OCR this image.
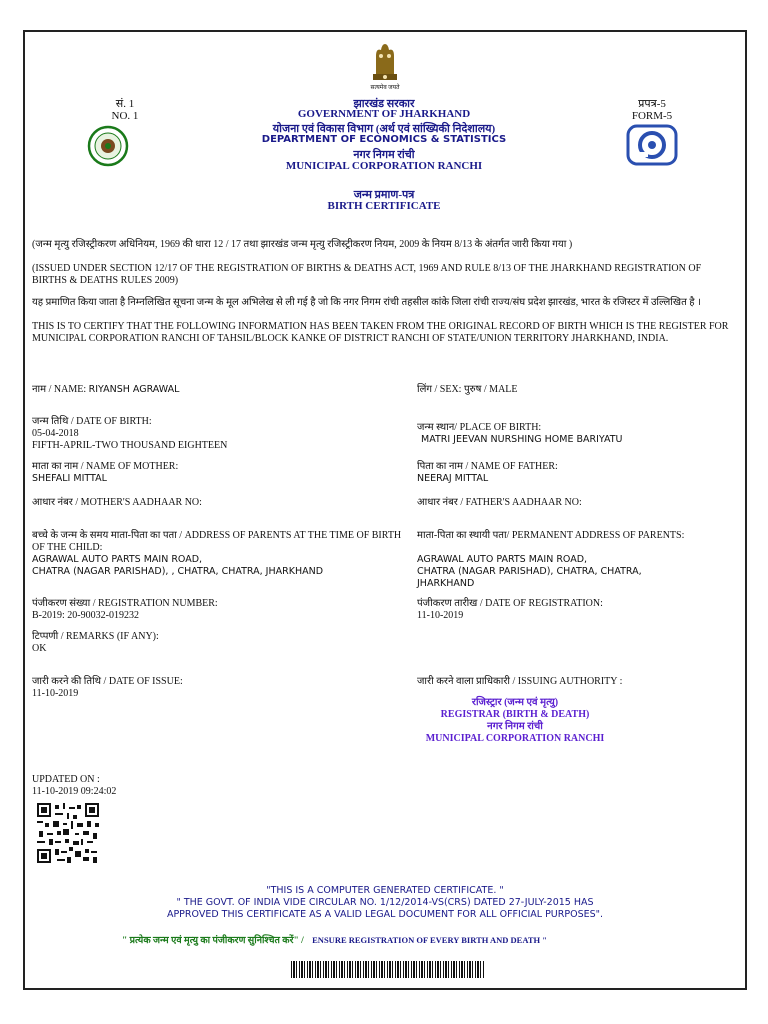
सत्यमेव जयते
सं. 1
NO. 1
प्रपत्र-5
FORM-5
झारखंड सरकार
GOVERNMENT OF JHARKHAND
योजना एवं विकास विभाग (अर्थ एवं सांख्यिकी निदेशालय)
DEPARTMENT OF ECONOMICS & STATISTICS
नगर निगम रांची
MUNICIPAL CORPORATION RANCHI
जन्म प्रमाण-पत्र
BIRTH CERTIFICATE
(जन्म मृत्यु रजिस्ट्रीकरण अधिनियम, 1969 की धारा 12 / 17 तथा झारखंड जन्म मृत्यु रजिस्ट्रीकरण नियम, 2009 के नियम 8/13 के अंतर्गत जारी किया गया )
(ISSUED UNDER SECTION 12/17 OF THE REGISTRATION OF BIRTHS & DEATHS ACT, 1969 AND RULE 8/13 OF THE JHARKHAND REGISTRATION OF BIRTHS & DEATHS RULES 2009)
यह प्रमाणित किया जाता है निम्नलिखित सूचना जन्म के मूल अभिलेख से ली गई है जो कि नगर निगम रांची तहसील कांके जिला रांची राज्य/संघ प्रदेश झारखंड, भारत के रजिस्टर में उल्लिखित है ।
THIS IS TO CERTIFY THAT THE FOLLOWING INFORMATION HAS BEEN TAKEN FROM THE ORIGINAL RECORD OF BIRTH WHICH IS THE REGISTER FOR MUNICIPAL CORPORATION RANCHI OF TAHSIL/BLOCK KANKE OF DISTRICT RANCHI OF STATE/UNION TERRITORY JHARKHAND, INDIA.
नाम / NAME: RIYANSH AGRAWAL
जन्म तिथि / DATE OF BIRTH:
05-04-2018
FIFTH-APRIL-TWO THOUSAND EIGHTEEN
माता का नाम / NAME OF MOTHER:
SHEFALI MITTAL
आधार नंबर / MOTHER'S AADHAAR NO:
बच्चे के जन्म के समय माता-पिता का पता / ADDRESS OF PARENTS AT THE TIME OF BIRTH OF THE CHILD:
AGRAWAL AUTO PARTS MAIN ROAD,
CHATRA (NAGAR PARISHAD), , CHATRA, CHATRA, JHARKHAND
पंजीकरण संख्या / REGISTRATION NUMBER:
B-2019: 20-90032-019232
टिप्पणी / REMARKS (IF ANY):
OK
जारी करने की तिथि / DATE OF ISSUE:
11-10-2019
लिंग / SEX: पुरुष / MALE
जन्म स्थान/ PLACE OF BIRTH:
MATRI JEEVAN NURSHING HOME BARIYATU
पिता का नाम / NAME OF FATHER:
NEERAJ MITTAL
आधार नंबर / FATHER'S AADHAAR NO:
माता-पिता का स्थायी पता/ PERMANENT ADDRESS OF PARENTS:
AGRAWAL AUTO PARTS MAIN ROAD,
CHATRA (NAGAR PARISHAD), CHATRA, CHATRA,
JHARKHAND
पंजीकरण तारीख / DATE OF REGISTRATION:
11-10-2019
जारी करने वाला प्राधिकारी / ISSUING AUTHORITY :
रजिस्ट्रार (जन्म एवं मृत्यु)
REGISTRAR (BIRTH & DEATH)
नगर निगम रांची
MUNICIPAL CORPORATION RANCHI
UPDATED ON :
11-10-2019 09:24:02
"THIS IS A COMPUTER GENERATED CERTIFICATE. "
" THE GOVT. OF INDIA VIDE CIRCULAR NO. 1/12/2014-VS(CRS) DATED 27-JULY-2015 HAS
APPROVED THIS CERTIFICATE AS A VALID LEGAL DOCUMENT FOR ALL OFFICIAL PURPOSES".
" प्रत्येक जन्म एवं मृत्यु का पंजीकरण सुनिश्चित करें" / ENSURE REGISTRATION OF EVERY BIRTH AND DEATH "
